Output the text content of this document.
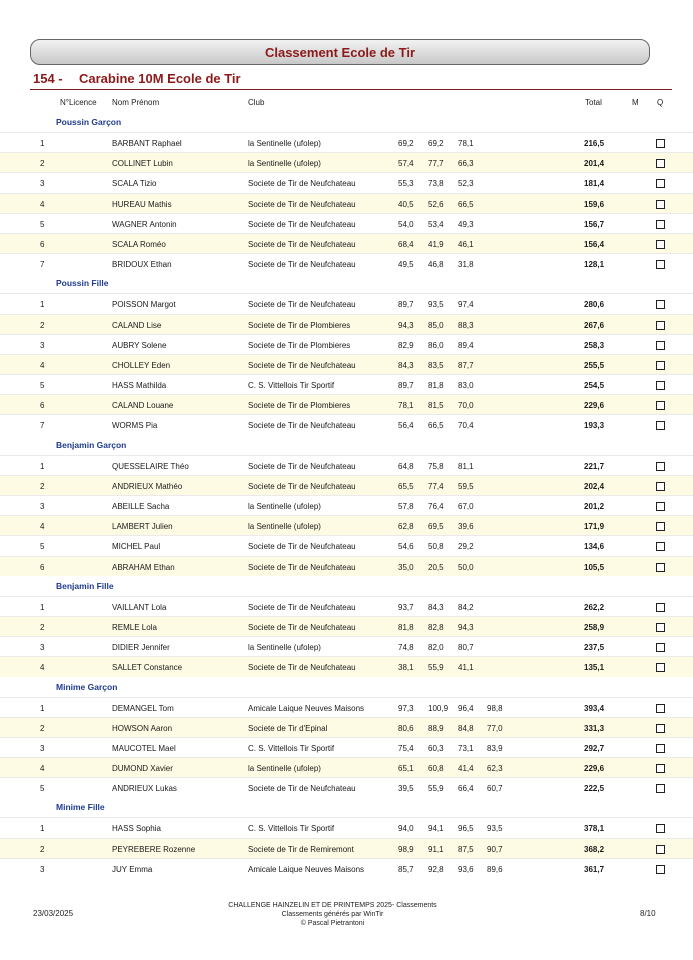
Classement Ecole de Tir
154 - Carabine 10M Ecole de Tir
N°Licence Nom Prénom	Club	Total	M Q
Poussin Garçon
1	BARBANT Raphael	la Sentinelle (ufolep)	69,2 69,2 78,1	216,5
2	COLLINET Lubin	la Sentinelle (ufolep)	57,4 77,7 66,3	201,4
3	SCALA Tizio	Societe de Tir de Neufchateau	55,3 73,8 52,3	181,4
4	HUREAU Mathis	Societe de Tir de Neufchateau	40,5 52,6 66,5	159,6
5	WAGNER Antonin	Societe de Tir de Neufchateau	54,0 53,4 49,3	156,7
6	SCALA Roméo	Societe de Tir de Neufchateau	68,4 41,9 46,1	156,4
7	BRIDOUX Ethan	Societe de Tir de Neufchateau	49,5 46,8 31,8	128,1
Poussin Fille
1	POISSON Margot	Societe de Tir de Neufchateau	89,7 93,5 97,4	280,6
2	CALAND Lise	Societe de Tir de Plombieres	94,3 85,0 88,3	267,6
3	AUBRY Solene	Societe de Tir de Plombieres	82,9 86,0 89,4	258,3
4	CHOLLEY Eden	Societe de Tir de Neufchateau	84,3 83,5 87,7	255,5
5	HASS Mathilda	C. S. Vittellois Tir Sportif	89,7 81,8 83,0	254,5
6	CALAND Louane	Societe de Tir de Plombieres	78,1 81,5 70,0	229,6
7	WORMS Pia	Societe de Tir de Neufchateau	56,4 66,5 70,4	193,3
Benjamin Garçon
1	QUESSELAIRE Théo	Societe de Tir de Neufchateau	64,8 75,8 81,1	221,7
2	ANDRIEUX Mathéo	Societe de Tir de Neufchateau	65,5 77,4 59,5	202,4
3	ABEILLE Sacha	la Sentinelle (ufolep)	57,8 76,4 67,0	201,2
4	LAMBERT Julien	la Sentinelle (ufolep)	62,8 69,5 39,6	171,9
5	MICHEL Paul	Societe de Tir de Neufchateau	54,6 50,8 29,2	134,6
6	ABRAHAM Ethan	Societe de Tir de Neufchateau	35,0 20,5 50,0	105,5
Benjamin Fille
1	VAILLANT Lola	Societe de Tir de Neufchateau	93,7 84,3 84,2	262,2
2	REMLE Lola	Societe de Tir de Neufchateau	81,8 82,8 94,3	258,9
3	DIDIER Jennifer	la Sentinelle (ufolep)	74,8 82,0 80,7	237,5
4	SALLET Constance	Societe de Tir de Neufchateau	38,1 55,9 41,1	135,1
Minime Garçon
1	DEMANGEL Tom	Amicale Laique Neuves Maisons	97,3 100,9 96,4 98,8	393,4
2	HOWSON Aaron	Societe de Tir d'Epinal	80,6 88,9 84,8 77,0	331,3
3	MAUCOTEL Mael	C. S. Vittellois Tir Sportif	75,4 60,3 73,1 83,9	292,7
4	DUMOND Xavier	la Sentinelle (ufolep)	65,1 60,8 41,4 62,3	229,6
5	ANDRIEUX Lukas	Societe de Tir de Neufchateau	39,5 55,9 66,4 60,7	222,5
Minime Fille
1	HASS Sophia	C. S. Vittellois Tir Sportif	94,0 94,1 96,5 93,5	378,1
2	PEYREBERE Rozenne	Societe de Tir de Remiremont	98,9 91,1 87,5 90,7	368,2
3	JUY Emma	Amicale Laique Neuves Maisons	85,7 92,8 93,6 89,6	361,7
23/03/2025
CHALLENGE HAINZELIN ET DE PRINTEMPS 2025- Classements
Classements générés par WinTir
© Pascal Pietrantoni
8/10
